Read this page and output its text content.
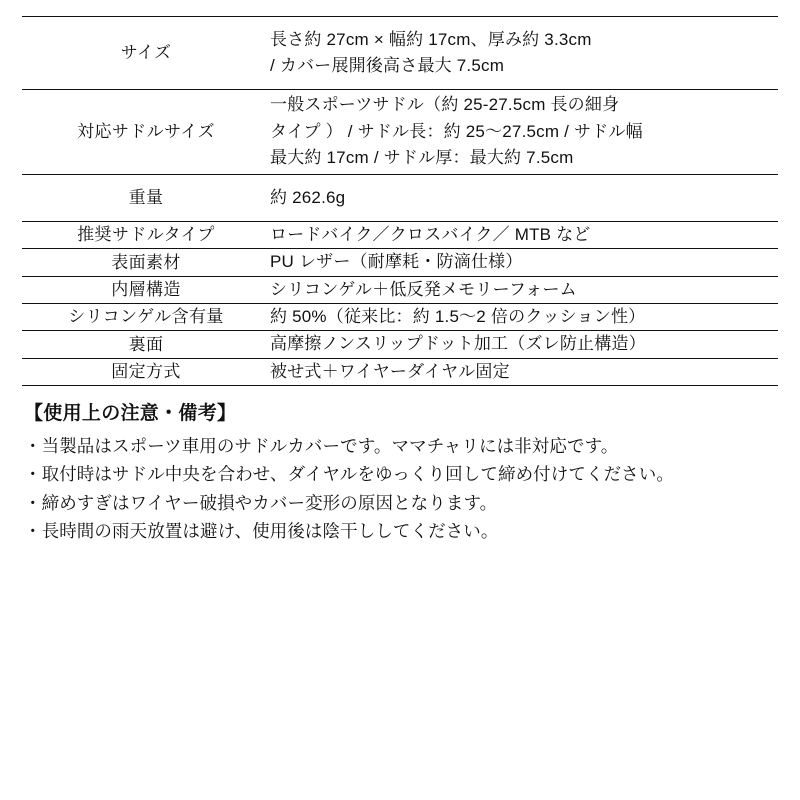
サイズ	長さ約 27cm × 幅約 17cm、厚み約 3.3cm
/ カバー展開後高さ最大 7.5cm

対応サドルサイズ	一般スポーツサドル（約 25-27.5cm 長の細身
タイプ ） / サドル長：約 25〜27.5cm / サドル幅
最大約 17cm / サドル厚：最大約 7.5cm

重量	約 262.6g

推奨サドルタイプ	ロードバイク／クロスバイク／ MTB など

表面素材	PU レザー（耐摩耗・防滴仕様）

内層構造	シリコンゲル＋低反発メモリーフォーム

シリコンゲル含有量	約 50%（従来比：約 1.5〜2 倍のクッション性）

裏面	高摩擦ノンスリップドット加工（ズレ防止構造）

固定方式	被せ式＋ワイヤーダイヤル固定
【使用上の注意・備考】
・当製品はスポーツ車用のサドルカバーです。ママチャリには非対応です。
・取付時はサドル中央を合わせ、ダイヤルをゆっくり回して締め付けてください。
・締めすぎはワイヤー破損やカバー変形の原因となります。
・長時間の雨天放置は避け、使用後は陰干ししてください。
